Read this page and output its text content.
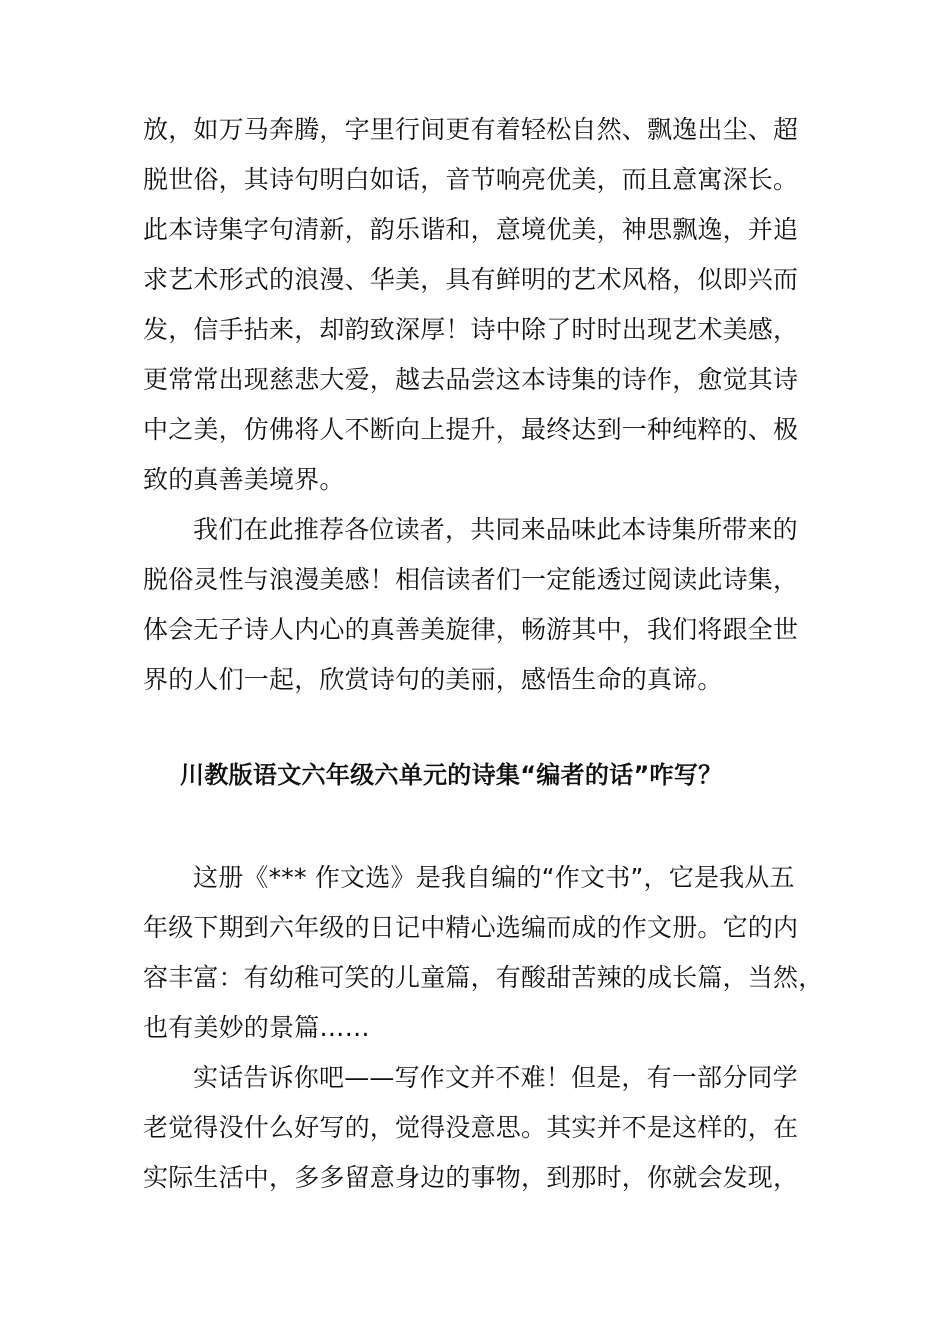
放，如万马奔腾，字里行间更有着轻松自然、飘逸出尘、超
脱世俗，其诗句明白如话，音节响亮优美，而且意寓深长。
此本诗集字句清新，韵乐谐和，意境优美，神思飘逸，并追
求艺术形式的浪漫、华美，具有鲜明的艺术风格，似即兴而
发，信手拈来，却韵致深厚！诗中除了时时出现艺术美感，
更常常出现慈悲大爱，越去品尝这本诗集的诗作，愈觉其诗
中之美，仿佛将人不断向上提升，最终达到一种纯粹的、极
致的真善美境界。
我们在此推荐各位读者，共同来品味此本诗集所带来的
脱俗灵性与浪漫美感！相信读者们一定能透过阅读此诗集，
体会无子诗人内心的真善美旋律，畅游其中，我们将跟全世
界的人们一起，欣赏诗句的美丽，感悟生命的真谛。
川教版语文六年级六单元的诗集“编者的话”咋写？
这册《*** 作文选》是我自编的“作文书”，它是我从五
年级下期到六年级的日记中精心选编而成的作文册。它的内
容丰富：有幼稚可笑的儿童篇，有酸甜苦辣的成长篇，当然，
也有美妙的景篇……
实话告诉你吧——写作文并不难！但是，有一部分同学
老觉得没什么好写的，觉得没意思。其实并不是这样的，在
实际生活中，多多留意身边的事物，到那时，你就会发现，
